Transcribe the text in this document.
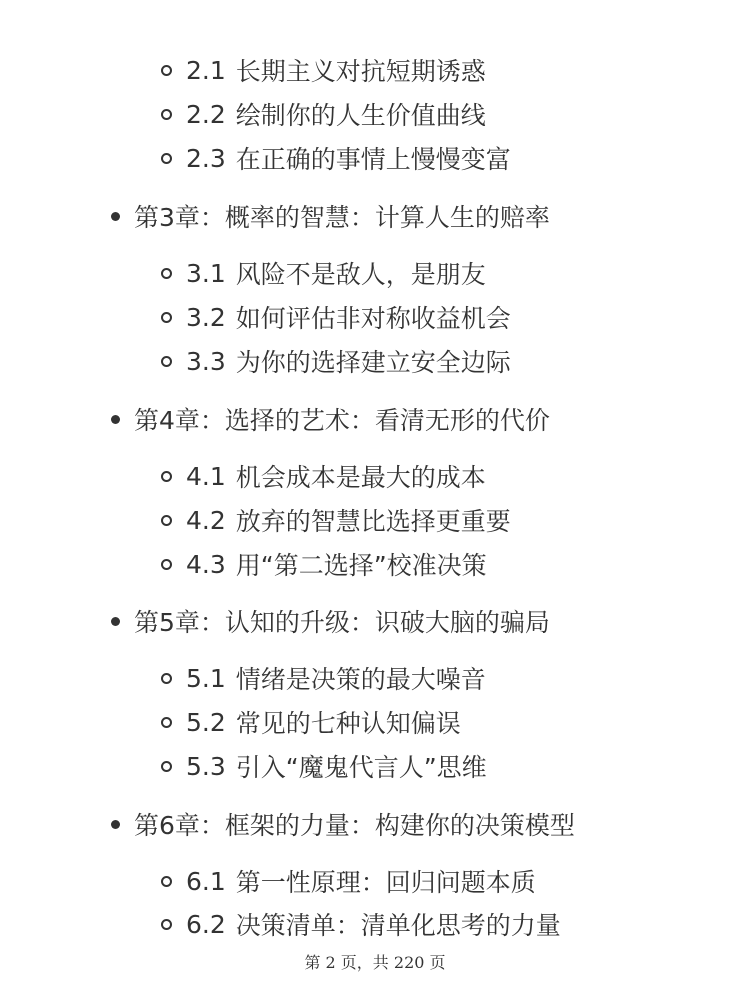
2.1 长期主义对抗短期诱惑
2.2 绘制你的人生价值曲线
2.3 在正确的事情上慢慢变富
第3章：概率的智慧：计算人生的赔率
3.1 风险不是敌人，是朋友
3.2 如何评估非对称收益机会
3.3 为你的选择建立安全边际
第4章：选择的艺术：看清无形的代价
4.1 机会成本是最大的成本
4.2 放弃的智慧比选择更重要
4.3 用“第二选择”校准决策
第5章：认知的升级：识破大脑的骗局
5.1 情绪是决策的最大噪音
5.2 常见的七种认知偏误
5.3 引入“魔鬼代言人”思维
第6章：框架的力量：构建你的决策模型
6.1 第一性原理：回归问题本质
6.2 决策清单：清单化思考的力量
第 2 页，共 220 页
